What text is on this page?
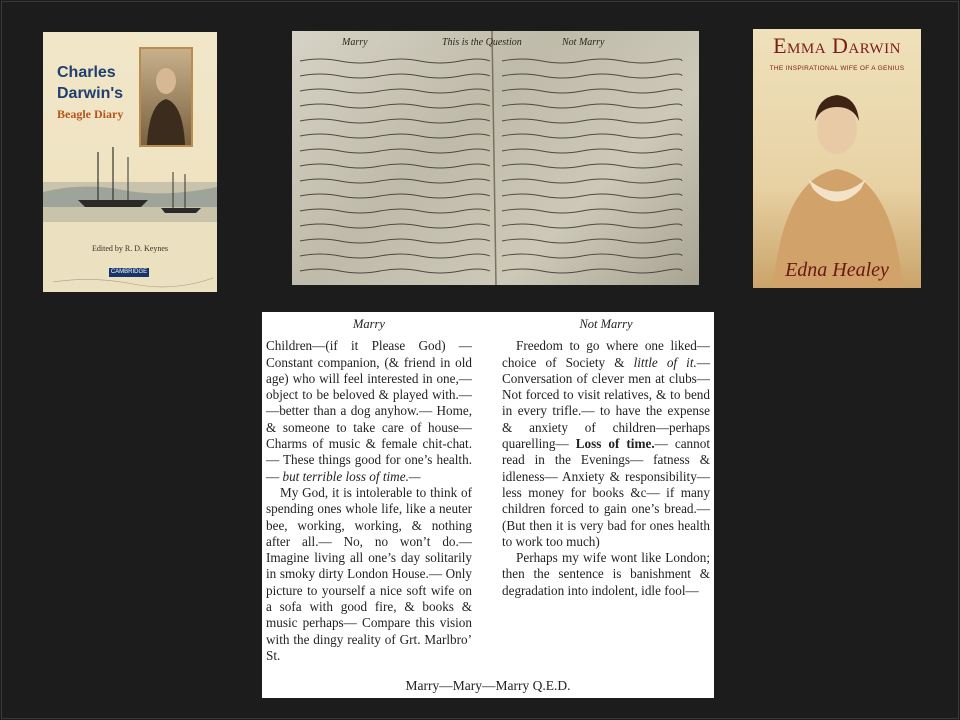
Charles
Darwin's
Beagle Diary
Edited by R. D. Keynes
CAMBRIDGE
Marry	This is the Question	Not Marry	Emma Darwin
THE INSPIRATIONAL WIFE OF A GENIUS
Edna Healey
Marry

Children—(if it Please God) — Constant companion, (& friend in old age) who will feel interested in one,— object to be beloved & played with.— —better than a dog anyhow.— Home, & someone to take care of house— Charms of music & female chit-chat.— These things good for one’s health.— but terrible loss of time.—

My God, it is intolerable to think of spending ones whole life, like a neuter bee, working, working, & nothing after all.— No, no won’t do.— Imagine living all one’s day solitarily in smoky dirty London House.— Only picture to yourself a nice soft wife on a sofa with good fire, & books & music perhaps— Compare this vision with the dingy reality of Grt. Marlbro’ St.

Not Marry

Freedom to go where one liked— choice of Society & little of it.— Conversation of clever men at clubs— Not forced to visit relatives, & to bend in every trifle.— to have the expense & anxiety of children—perhaps quarelling— Loss of time.— cannot read in the Evenings— fatness & idleness— Anxiety & responsibility— less money for books &c— if many children forced to gain one’s bread.— (But then it is very bad for ones health to work too much)

Perhaps my wife wont like London; then the sentence is banishment & degradation into indolent, idle fool—

Marry—Mary—Marry Q.E.D.
